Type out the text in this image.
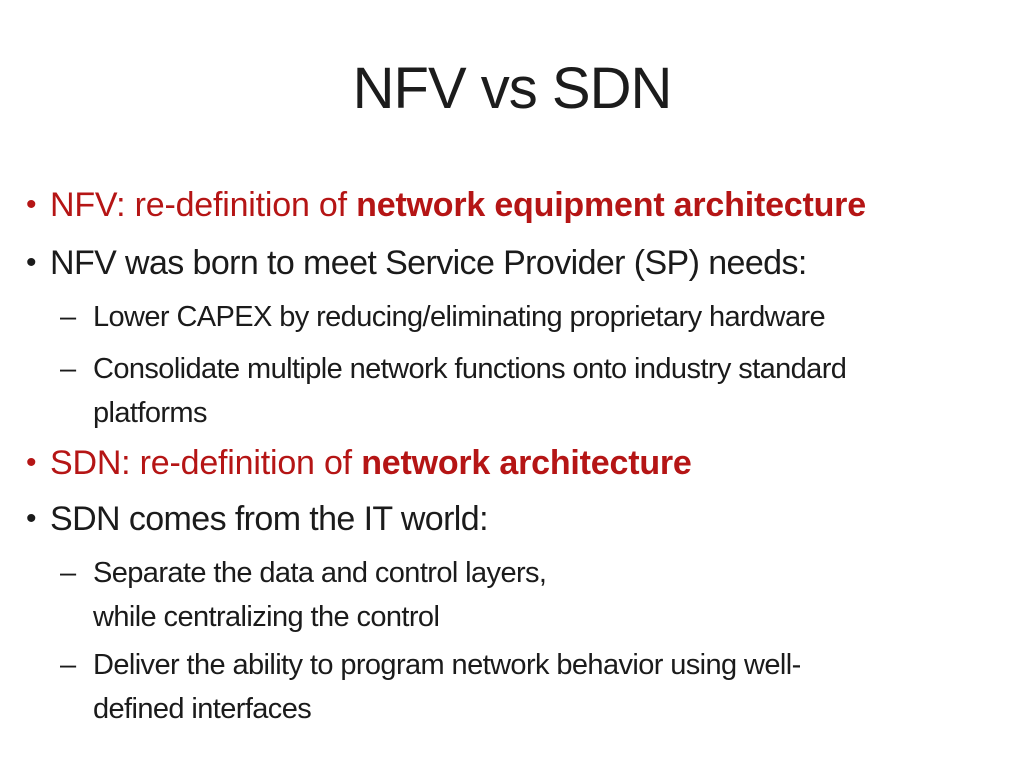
NFV vs SDN
• NFV: re-definition of network equipment architecture

• NFV was born to meet Service Provider (SP) needs:

– Lower CAPEX by reducing/eliminating proprietary hardware

– Consolidate multiple network functions onto industry standard
platforms

• SDN: re-definition of network architecture

• SDN comes from the IT world:

– Separate the data and control layers,
while centralizing the control

– Deliver the ability to program network behavior using well-
defined interfaces
